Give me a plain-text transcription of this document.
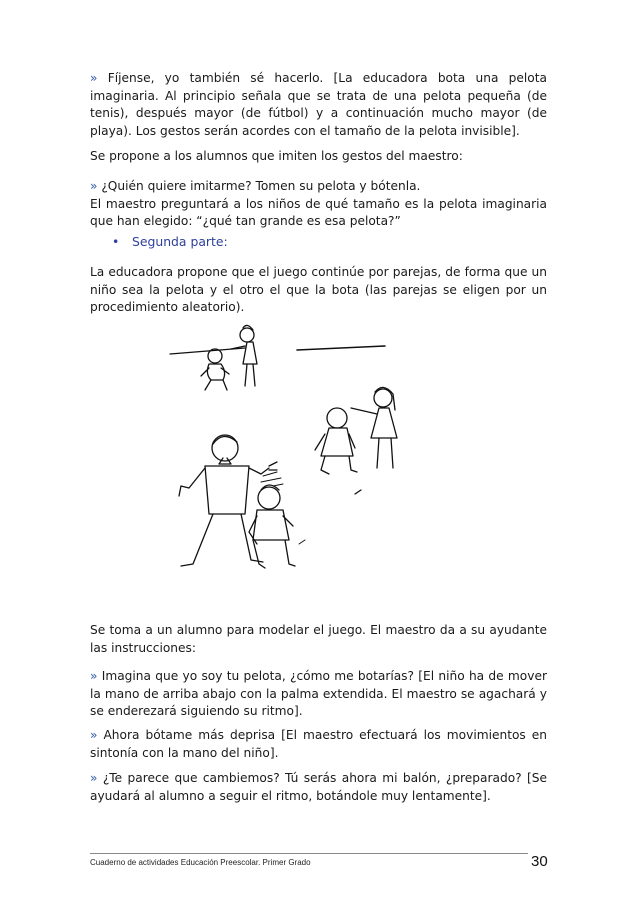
» Fíjense, yo también sé hacerlo. [La educadora bota una pelota imaginaria. Al principio señala que se trata de una pelota pequeña (de tenis), después mayor (de fútbol) y a continuación mucho mayor (de playa). Los gestos serán acordes con el tamaño de la pelota invisible].

Se propone a los alumnos que imiten los gestos del maestro:

» ¿Quién quiere imitarme? Tomen su pelota y bótenla.
El maestro preguntará a los niños de qué tamaño es la pelota imaginaria que han elegido: “¿qué tan grande es esa pelota?”

• Segunda parte:

La educadora propone que el juego continúe por parejas, de forma que un niño sea la pelota y el otro el que la bota (las parejas se eligen por un procedimiento aleatorio).

Se toma a un alumno para modelar el juego. El maestro da a su ayudante las instrucciones:

» Imagina que yo soy tu pelota, ¿cómo me botarías? [El niño ha de mover la mano de arriba abajo con la palma extendida. El maestro se agachará y se enderezará siguiendo su ritmo].

» Ahora bótame más deprisa [El maestro efectuará los movimientos en sintonía con la mano del niño].

» ¿Te parece que cambiemos? Tú serás ahora mi balón, ¿preparado? [Se ayudará al alumno a seguir el ritmo, botándole muy lentamente].

Cuaderno de actividades Educación Preescolar. Primer Grado	30
